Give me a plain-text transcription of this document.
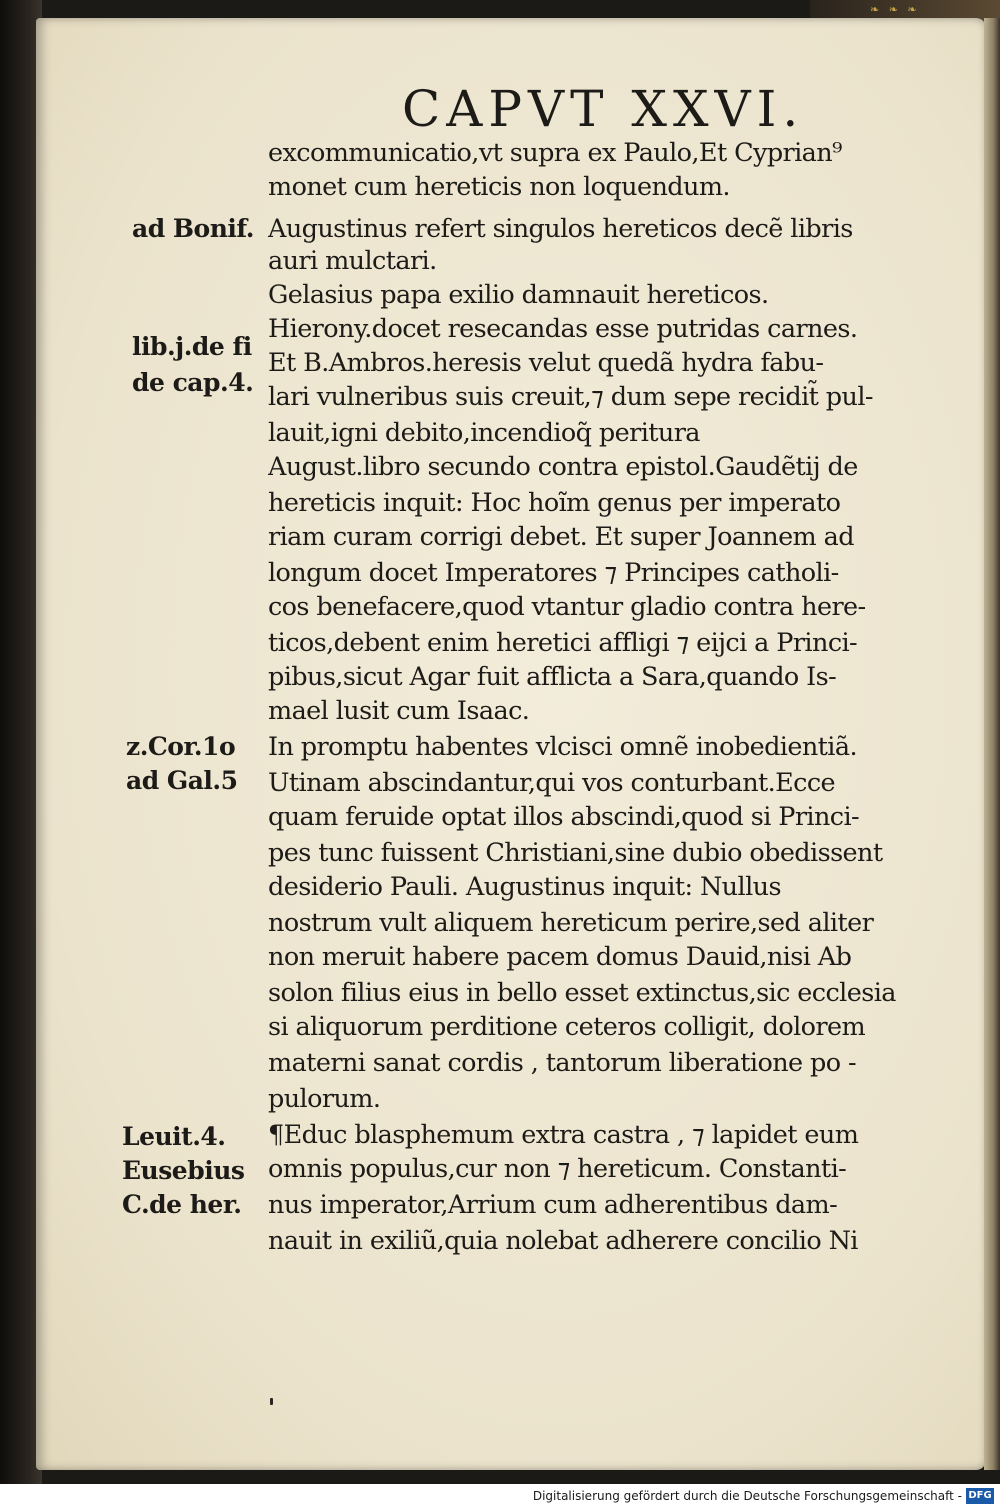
❧ ❧ ❧
CAPVT XXVI.
ad Bonif.
lib.j.de fi
de cap.4.
z.Cor.1o
ad Gal.5
Leuit.4.
Eusebius
C.de her.
excommunicatio,vt supra ex Paulo,Et Cyprian⁹
monet cum hereticis non loquendum.
Augustinus refert singulos hereticos decẽ libris
auri mulctari.
Gelasius papa exilio damnauit hereticos.
Hierony.docet resecandas esse putridas carnes.
Et B.Ambros.heresis velut quedã hydra fabu-
lari vulneribus suis creuit,⁊ dum sepe recidit̃ pul-
lauit,igni debito,incendioq̃ peritura
August.libro secundo contra epistol.Gaudẽtij de
hereticis inquit: Hoc hoĩm genus per imperato
riam curam corrigi debet. Et super Joannem ad
longum docet Imperatores ⁊ Principes catholi-
cos benefacere,quod vtantur gladio contra here-
ticos,debent enim heretici affligi ⁊ eijci a Princi-
pibus,sicut Agar fuit afflicta a Sara,quando Is-
mael lusit cum Isaac.
In promptu habentes vlcisci omnẽ inobedientiã.
Utinam abscindantur,qui vos conturbant.Ecce
quam feruide optat illos abscindi,quod si Princi-
pes tunc fuissent Christiani,sine dubio obedissent
desiderio Pauli. Augustinus inquit: Nullus
nostrum vult aliquem hereticum perire,sed aliter
non meruit habere pacem domus Dauid,nisi Ab
solon filius eius in bello esset extinctus,sic ecclesia
si aliquorum perditione ceteros colligit, dolorem
materni sanat cordis , tantorum liberatione po -
pulorum.
¶Educ blasphemum extra castra , ⁊ lapidet eum
omnis populus,cur non ⁊ hereticum. Constanti-
nus imperator,Arrium cum adherentibus dam-
nauit in exiliũ,quia nolebat adherere concilio Ni
Digitalisierung gefördert durch die Deutsche Forschungsgemeinschaft - DFG
